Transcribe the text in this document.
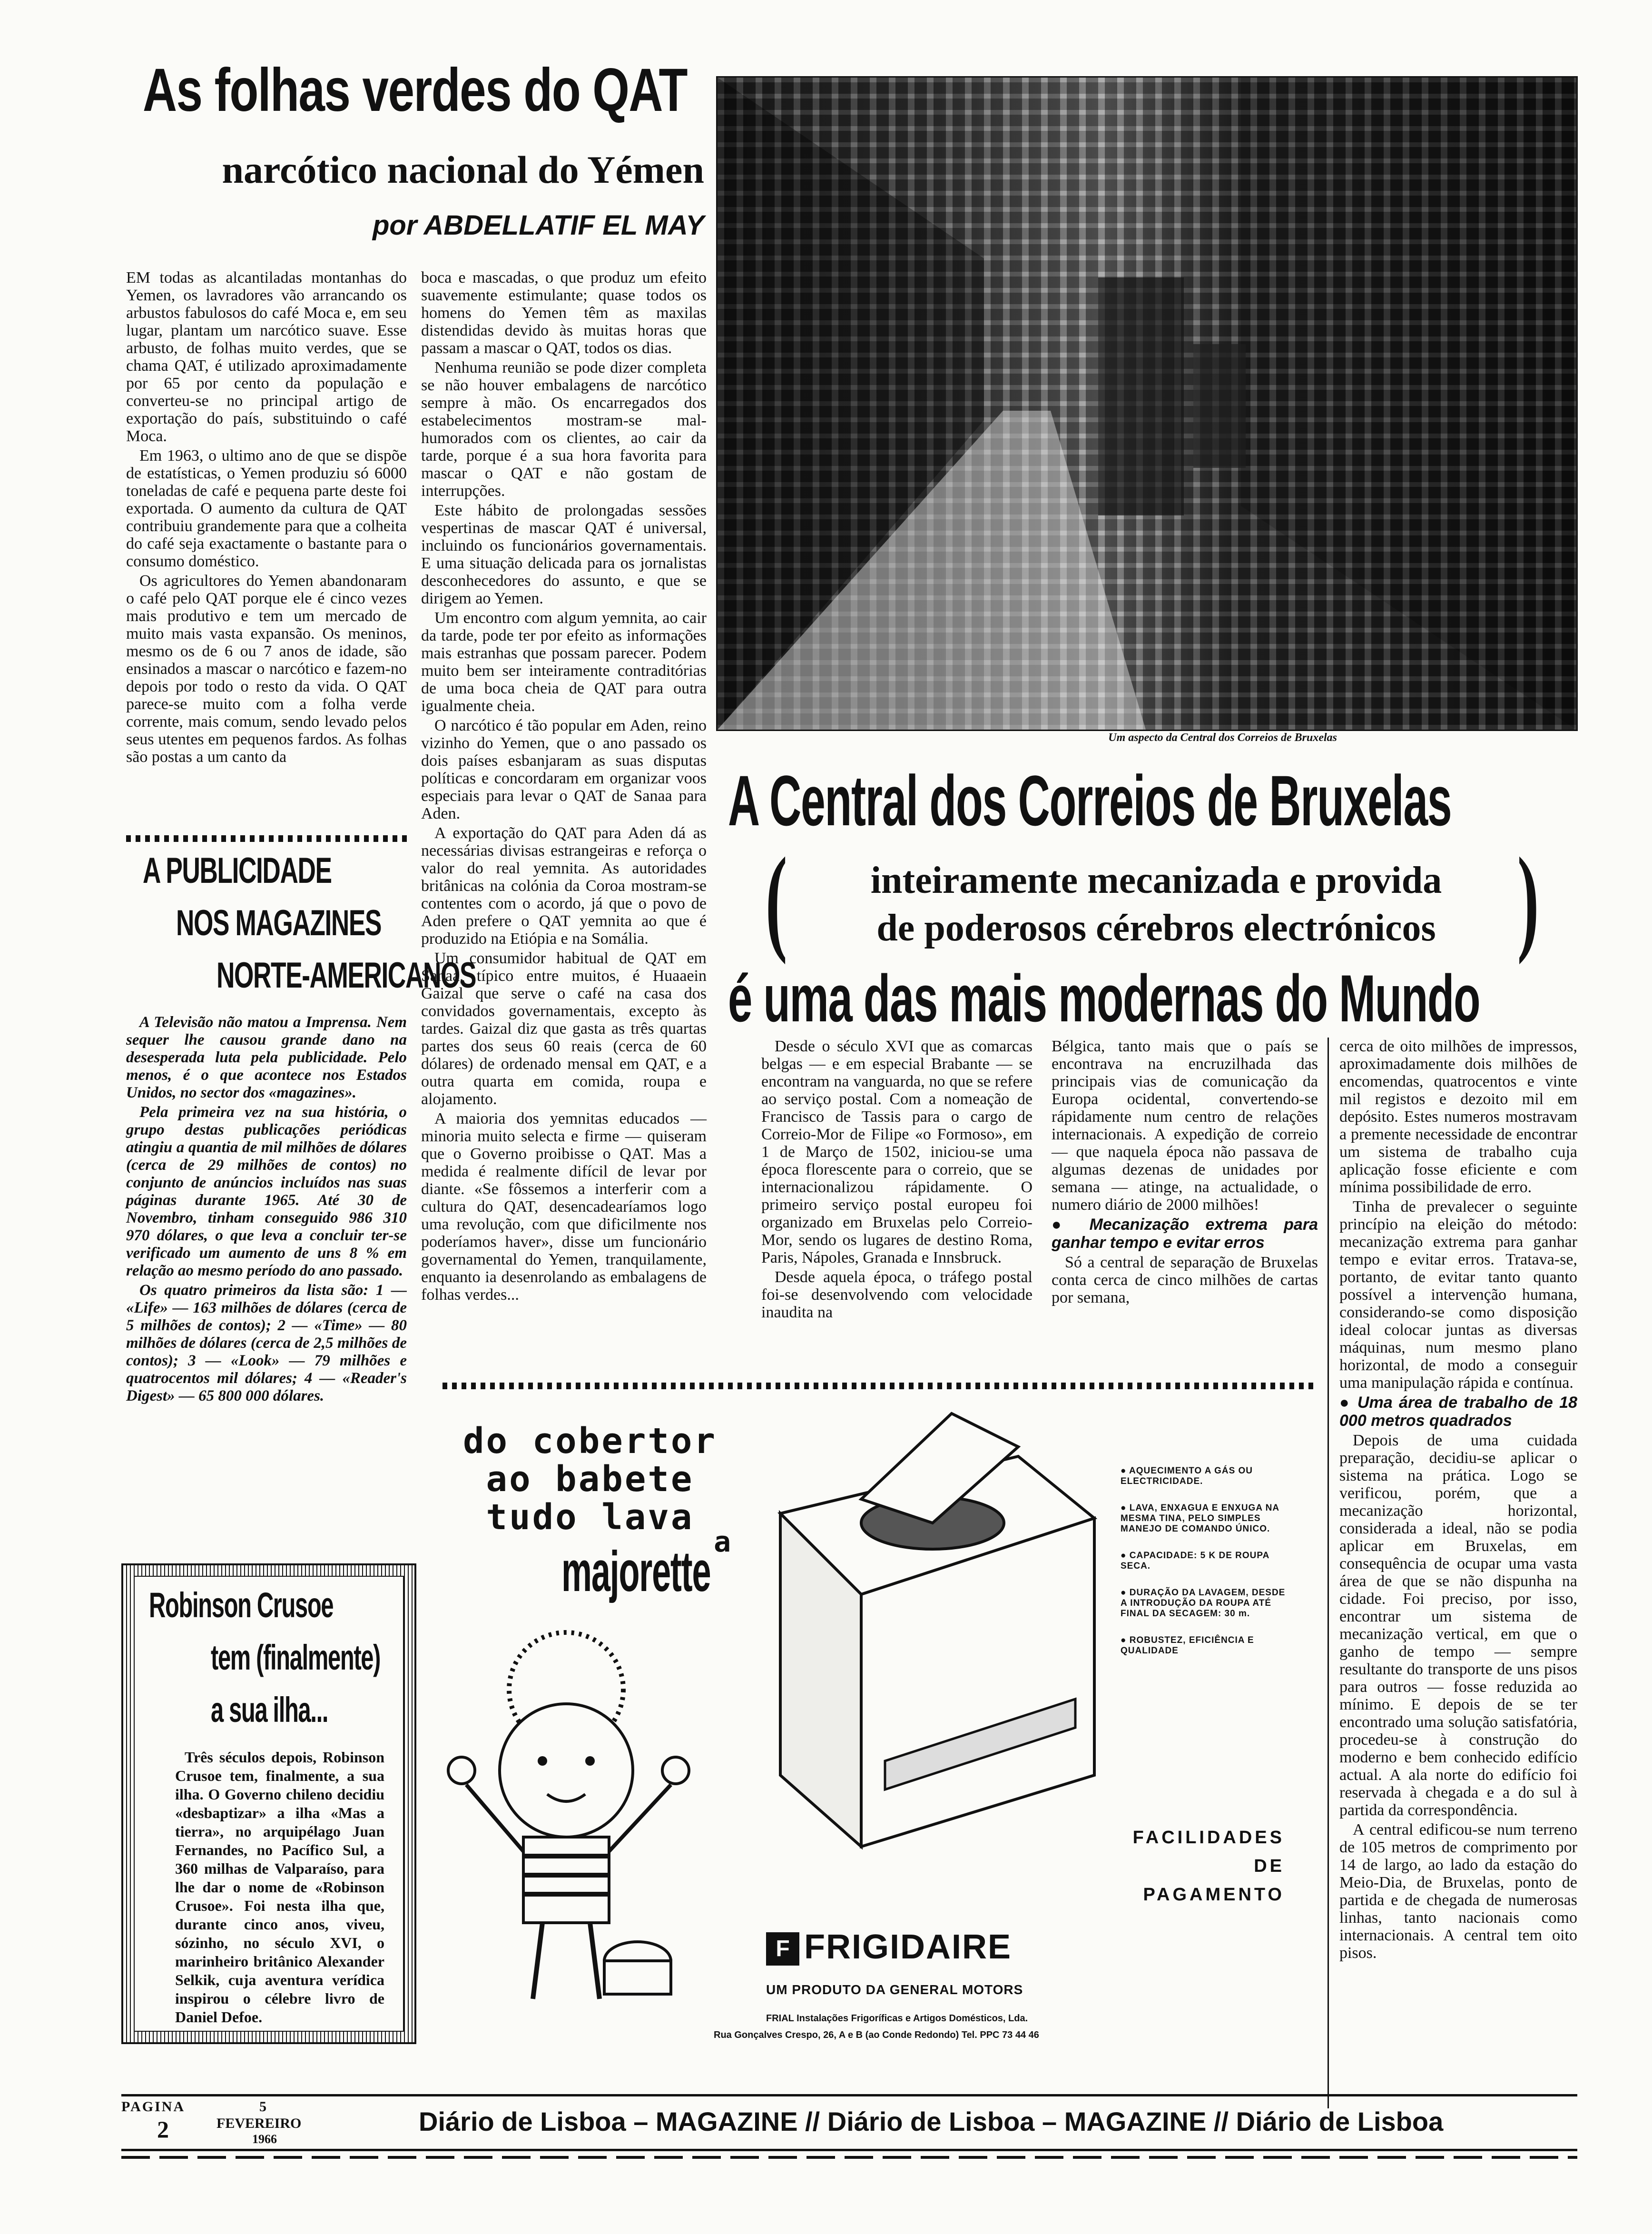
As folhas verdes do QAT
narcótico nacional do Yémen
por ABDELLATIF EL MAY

EM todas as alcantiladas montanhas do Yemen, os lavradores vão arrancando os arbustos fabulosos do café Moca e, em seu lugar, plantam um narcótico suave. Esse arbusto, de folhas muito verdes, que se chama QAT, é utilizado aproximadamente por 65 por cento da população e converteu-se no principal artigo de exportação do país, substituindo o café Moca.

Em 1963, o ultimo ano de que se dispõe de estatísticas, o Yemen produziu só 6000 toneladas de café e pequena parte deste foi exportada. O aumento da cultura de QAT contribuiu grandemente para que a colheita do café seja exactamente o bastante para o consumo doméstico.

Os agricultores do Yemen abandonaram o café pelo QAT porque ele é cinco vezes mais produtivo e tem um mercado de muito mais vasta expansão. Os meninos, mesmo os de 6 ou 7 anos de idade, são ensinados a mascar o narcótico e fazem-no depois por todo o resto da vida. O QAT parece-se muito com a folha verde corrente, mais comum, sendo levado pelos seus utentes em pequenos fardos. As folhas são postas a um canto da

boca e mascadas, o que produz um efeito suavemente estimulante; quase todos os homens do Yemen têm as maxilas distendidas devido às muitas horas que passam a mascar o QAT, todos os dias.

Nenhuma reunião se pode dizer completa se não houver embalagens de narcótico sempre à mão. Os encarregados dos estabelecimentos mostram-se mal-humorados com os clientes, ao cair da tarde, porque é a sua hora favorita para mascar o QAT e não gostam de interrupções.

Este hábito de prolongadas sessões vespertinas de mascar QAT é universal, incluindo os funcionários governamentais. E uma situação delicada para os jornalistas desconhecedores do assunto, e que se dirigem ao Yemen.

Um encontro com algum yemnita, ao cair da tarde, pode ter por efeito as informações mais estranhas que possam parecer. Podem muito bem ser inteiramente contraditórias de uma boca cheia de QAT para outra igualmente cheia.

O narcótico é tão popular em Aden, reino vizinho do Yemen, que o ano passado os dois países esbanjaram as suas disputas políticas e concordaram em organizar voos especiais para levar o QAT de Sanaa para Aden.

A exportação do QAT para Aden dá as necessárias divisas estrangeiras e reforça o valor do real yemnita. As autoridades britânicas na colónia da Coroa mostram-se contentes com o acordo, já que o povo de Aden prefere o QAT yemnita ao que é produzido na Etiópia e na Somália.

Um consumidor habitual de QAT em Sanaa, típico entre muitos, é Huaaein Gaizal que serve o café na casa dos convidados governamentais, excepto às tardes. Gaizal diz que gasta as três quartas partes dos seus 60 reais (cerca de 60 dólares) de ordenado mensal em QAT, e a outra quarta em comida, roupa e alojamento.

A maioria dos yemnitas educados — minoria muito selecta e firme — quiseram que o Governo proibisse o QAT. Mas a medida é realmente difícil de levar por diante. «Se fôssemos a interferir com a cultura do QAT, desencadearíamos logo uma revolução, com que dificilmente nos poderíamos haver», disse um funcionário governamental do Yemen, tranquilamente, enquanto ia desenrolando as embalagens de folhas verdes...

Um aspecto da Central dos Correios de Bruxelas
A Central dos Correios de Bruxelas
(	inteiramente mecanizada e provida
de poderosos cérebros electrónicos )
é uma das mais modernas do Mundo

Desde o século XVI que as comarcas belgas — e em especial Brabante — se encontram na vanguarda, no que se refere ao serviço postal. Com a nomeação de Francisco de Tassis para o cargo de Correio-Mor de Filipe «o Formoso», em 1 de Março de 1502, iniciou-se uma época florescente para o correio, que se internacionalizou rápidamente. O primeiro serviço postal europeu foi organizado em Bruxelas pelo Correio-Mor, sendo os lugares de destino Roma, Paris, Nápoles, Granada e Innsbruck.

Desde aquela época, o tráfego postal foi-se desenvolvendo com velocidade inaudita na

Bélgica, tanto mais que o país se encontrava na encruzilhada das principais vias de comunicação da Europa ocidental, convertendo-se rápidamente num centro de relações internacionais. A expedição de correio — que naquela época não passava de algumas dezenas de unidades por semana — atinge, na actualidade, o numero diário de 2000 milhões!

● Mecanização extrema para ganhar tempo e evitar erros

Só a central de separação de Bruxelas conta cerca de cinco milhões de cartas por semana,

cerca de oito milhões de impressos, aproximadamente dois milhões de encomendas, quatrocentos e vinte mil registos e dezoito mil em depósito. Estes numeros mostravam a premente necessidade de encontrar um sistema de trabalho cuja aplicação fosse eficiente e com mínima possibilidade de erro.

Tinha de prevalecer o seguinte princípio na eleição do método: mecanização extrema para ganhar tempo e evitar erros. Tratava-se, portanto, de evitar tanto quanto possível a intervenção humana, considerando-se como disposição ideal colocar juntas as diversas máquinas, num mesmo plano horizontal, de modo a conseguir uma manipulação rápida e contínua.

● Uma área de trabalho de 18 000 metros quadrados

Depois de uma cuidada preparação, decidiu-se aplicar o sistema na prática. Logo se verificou, porém, que a mecanização horizontal, considerada a ideal, não se podia aplicar em Bruxelas, em consequência de ocupar uma vasta área de que se não dispunha na cidade. Foi preciso, por isso, encontrar um sistema de mecanização vertical, em que o ganho de tempo — sempre resultante do transporte de uns pisos para outros — fosse reduzida ao mínimo. E depois de se ter encontrado uma solução satisfatória, procedeu-se à construção do moderno e bem conhecido edifício actual. A ala norte do edifício foi reservada à chegada e a do sul à partida da correspondência.

A central edificou-se num terreno de 105 metros de comprimento por 14 de largo, ao lado da estação do Meio-Dia, de Bruxelas, ponto de partida e de chegada de numerosas linhas, tanto nacionais como internacionais. A central tem oito pisos.

A PUBLICIDADE
NOS MAGAZINES
NORTE-AMERICANOS

A Televisão não matou a Imprensa. Nem sequer lhe causou grande dano na desesperada luta pela publicidade. Pelo menos, é o que acontece nos Estados Unidos, no sector dos «magazines».

Pela primeira vez na sua história, o grupo destas publicações periódicas atingiu a quantia de mil milhões de dólares (cerca de 29 milhões de contos) no conjunto de anúncios incluídos nas suas páginas durante 1965. Até 30 de Novembro, tinham conseguido 986 310 970 dólares, o que leva a concluir ter-se verificado um aumento de uns 8 % em relação ao mesmo período do ano passado.

Os quatro primeiros da lista são: 1 — «Life» — 163 milhões de dólares (cerca de 5 milhões de contos); 2 — «Time» — 80 milhões de dólares (cerca de 2,5 milhões de contos); 3 — «Look» — 79 milhões e quatrocentos mil dólares; 4 — «Reader's Digest» — 65 800 000 dólares.

Robinson Crusoe
tem (finalmente)
a sua ilha...
Três séculos depois, Robinson Crusoe tem, finalmente, a sua ilha. O Governo chileno decidiu «desbaptizar» a ilha «Mas a tierra», no arquipélago Juan Fernandes, no Pacífico Sul, a 360 milhas de Valparaíso, para lhe dar o nome de «Robinson Crusoe». Foi nesta ilha que, durante cinco anos, viveu, sózinho, no século XVI, o marinheiro britânico Alexander Selkik, cuja aventura verídica inspirou o célebre livro de Daniel Defoe.
do cobertor
ao babete
tudo lava
a
majorette
● AQUECIMENTO A GÁS OU ELECTRICIDADE.
● LAVA, ENXAGUA E ENXUGA NA MESMA TINA, PELO SIMPLES MANEJO DE COMANDO ÚNICO.
● CAPACIDADE: 5 K DE ROUPA SECA.
● DURAÇÃO DA LAVAGEM, DESDE A INTRODUÇÃO DA ROUPA ATÉ FINAL DA SECAGEM: 30 m.
● ROBUSTEZ, EFICIÊNCIA E QUALIDADE
FACILIDADES
DE
PAGAMENTO
F FRIGIDAIRE
UM PRODUTO DA GENERAL MOTORS
FRIAL Instalações Frigoríficas e Artigos Domésticos, Lda.
Rua Gonçalves Crespo, 26, A e B (ao Conde Redondo) Tel. PPC 73 44 46
PAGINA
2
5
FEVEREIRO
1966
Diário de Lisboa – MAGAZINE // Diário de Lisboa – MAGAZINE // Diário de Lisboa
